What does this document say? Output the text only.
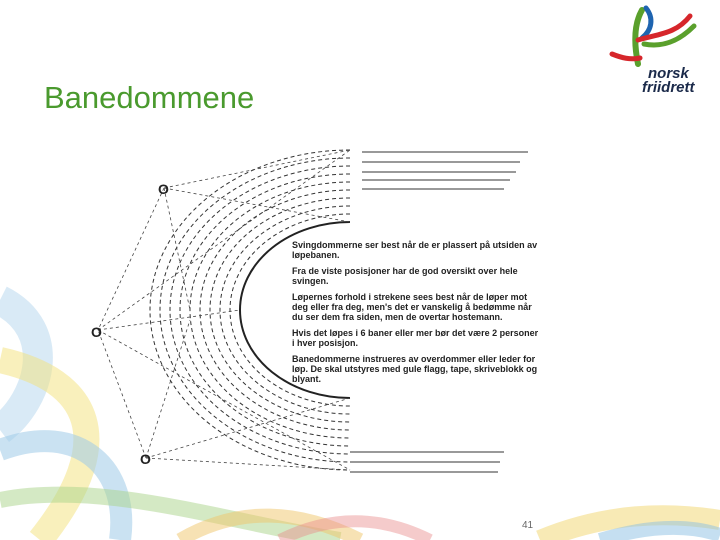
Banedommene
norsk
friidrett
O
O
O

Svingdommerne ser best når de er plassert på utsiden av løpebanen.

Fra de viste posisjoner har de god oversikt over hele svingen.

Løpernes forhold i strekene sees best når de løper mot deg eller fra deg, men's det er vanskelig å bedømme når du ser dem fra siden, men de overtar hostemann.

Hvis det løpes i 6 baner eller mer bør det være 2 personer i hver posisjon.

Banedommerne instrueres av overdommer eller leder for løp. De skal utstyres med gule flagg, tape, skriveblokk og blyant.

41
